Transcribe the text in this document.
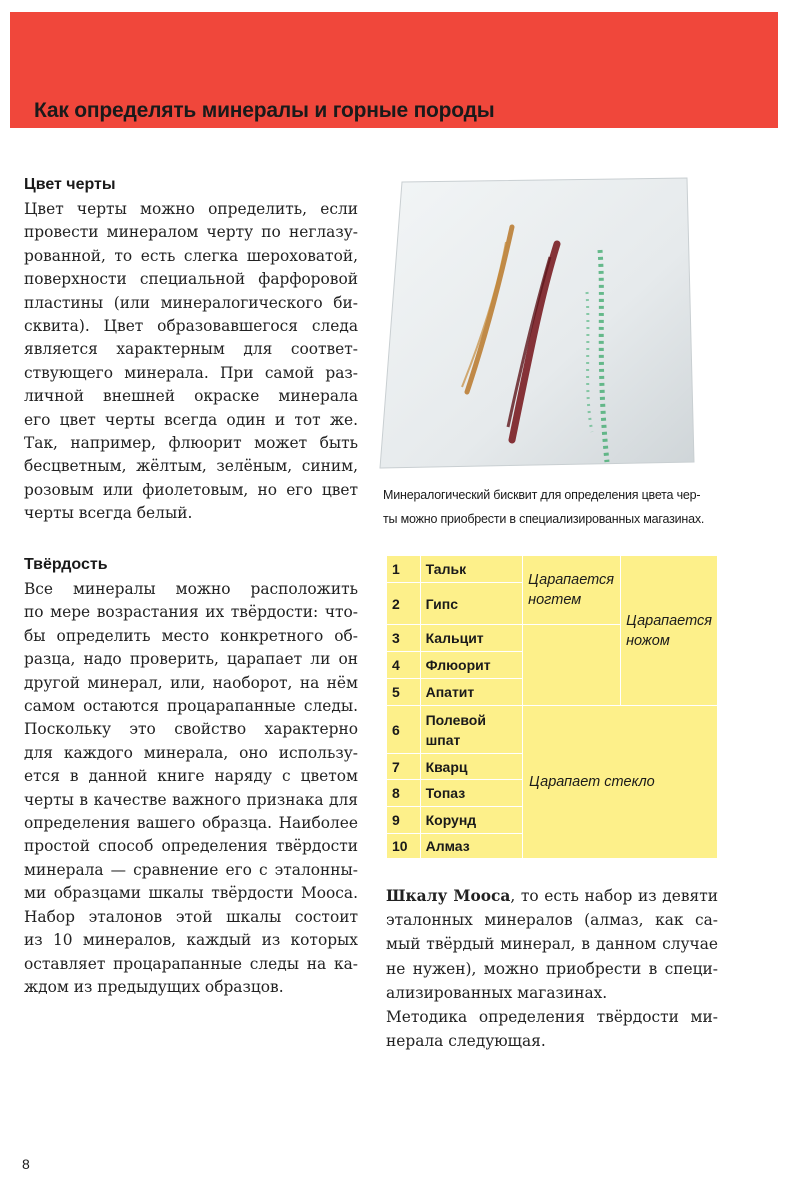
Как определять минералы и горные породы
Цвет черты
Цвет черты можно определить, если
провести минералом черту по неглазу-
рованной, то есть слегка шероховатой,
поверхности специальной фарфоровой
пластины (или минералогического би-
сквита). Цвет образовавшегося следа
является характерным для соответ-
ствующего минерала. При самой раз-
личной внешней окраске минерала
его цвет черты всегда один и тот же.
Так, например, флюорит может быть
бесцветным, жёлтым, зелёным, синим,
розовым или фиолетовым, но его цвет
черты всегда белый.
Минералогический бисквит для определения цвета чер-
ты можно приобрести в специализированных магазинах.
1	Тальк	Царапается ногтем	Царапается ножом
2	Гипс		
3	Кальцит		
4	Флюорит		
5	Апатит		
6	Полевой шпат	Царапает стекло	
7	Кварц		
8	Топаз		
9	Корунд		
10	Алмаз		
Твёрдость
Все минералы можно расположить
по мере возрастания их твёрдости: что-
бы определить место конкретного об-
разца, надо проверить, царапает ли он
другой минерал, или, наоборот, на нём
самом остаются процарапанные следы.
Поскольку это свойство характерно
для каждого минерала, оно использу-
ется в данной книге наряду с цветом
черты в качестве важного признака для
определения вашего образца. Наиболее
простой способ определения твёрдости
минерала — сравнение его с эталонны-
ми образцами шкалы твёрдости Мооса.
Набор эталонов этой шкалы состоит
из 10 минералов, каждый из которых
оставляет процарапанные следы на ка-
ждом из предыдущих образцов.
Шкалу Мооса, то есть набор из девяти
эталонных минералов (алмаз, как са-
мый твёрдый минерал, в данном случае
не нужен), можно приобрести в специ-
ализированных магазинах.
Методика определения твёрдости ми-
нерала следующая.
8
